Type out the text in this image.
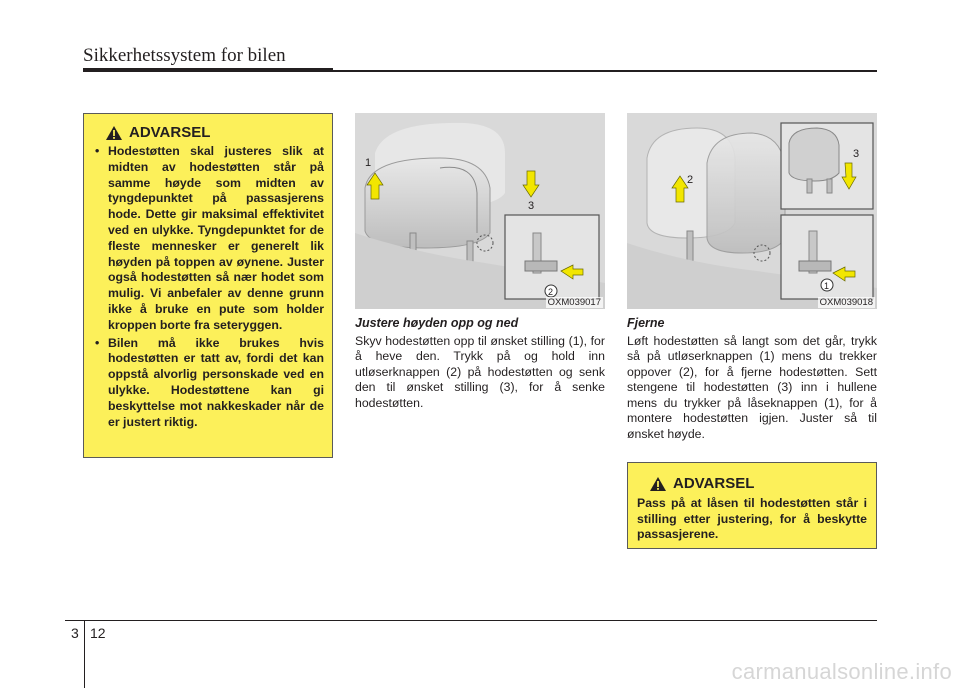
Sikkerhetssystem for bilen
ADVARSEL
• Hodestøtten skal justeres slik at midten av hodestøtten står på samme høyde som midten av tyngdepunktet på passasjerens hode. Dette gir maksimal effektivitet ved en ulykke. Tyngdepunktet for de fleste mennesker er generelt lik høyden på toppen av øynene. Juster også hodestøtten så nær hodet som mulig. Vi anbefaler av denne grunn ikke å bruke en pute som holder kroppen borte fra seteryggen.
• Bilen må ikke brukes hvis hodestøtten er tatt av, fordi det kan oppstå alvorlig personskade ved en ulykke. Hodestøttene kan gi beskyttelse mot nakkeskader når de er justert riktig.
1
3
2
OXM039017
2
3
1
OXM039018
Justere høyden opp og ned

Skyv hodestøtten opp til ønsket stilling (1), for å heve den. Trykk på og hold inn utløserknappen (2) på hodestøtten og senk den til ønsket stilling (3), for å senke hodestøtten.

Fjerne

Løft hodestøtten så langt som det går, trykk så på utløserknappen (1) mens du trekker oppover (2), for å fjerne hodestøtten. Sett stengene til hodestøtten (3) inn i hullene mens du trykker på låseknappen (1), for å montere hodestøtten igjen. Juster så til ønsket høyde.

ADVARSEL

Pass på at låsen til hodestøtten står i stilling etter justering, for å beskytte passasjerene.

3 12
carmanualsonline.info
